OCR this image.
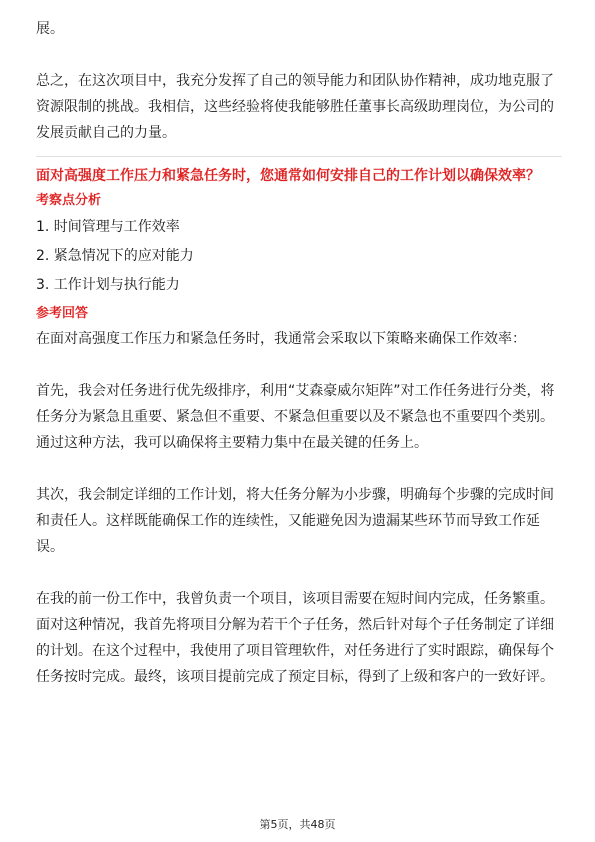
展。

总之，在这次项目中，我充分发挥了自己的领导能力和团队协作精神，成功地克服了资源限制的挑战。我相信，这些经验将使我能够胜任董事长高级助理岗位，为公司的发展贡献自己的力量。

面对高强度工作压力和紧急任务时，您通常如何安排自己的工作计划以确保效率？
考察点分析
1. 时间管理与工作效率
2. 紧急情况下的应对能力
3. 工作计划与执行能力
参考回答

在面对高强度工作压力和紧急任务时，我通常会采取以下策略来确保工作效率：

首先，我会对任务进行优先级排序，利用“艾森豪威尔矩阵”对工作任务进行分类，将任务分为紧急且重要、紧急但不重要、不紧急但重要以及不紧急也不重要四个类别。通过这种方法，我可以确保将主要精力集中在最关键的任务上。

其次，我会制定详细的工作计划，将大任务分解为小步骤，明确每个步骤的完成时间和责任人。这样既能确保工作的连续性，又能避免因为遗漏某些环节而导致工作延误。

在我的前一份工作中，我曾负责一个项目，该项目需要在短时间内完成，任务繁重。面对这种情况，我首先将项目分解为若干个子任务，然后针对每个子任务制定了详细的计划。在这个过程中，我使用了项目管理软件，对任务进行了实时跟踪，确保每个任务按时完成。最终，该项目提前完成了预定目标，得到了上级和客户的一致好评。

第5页，共48页
